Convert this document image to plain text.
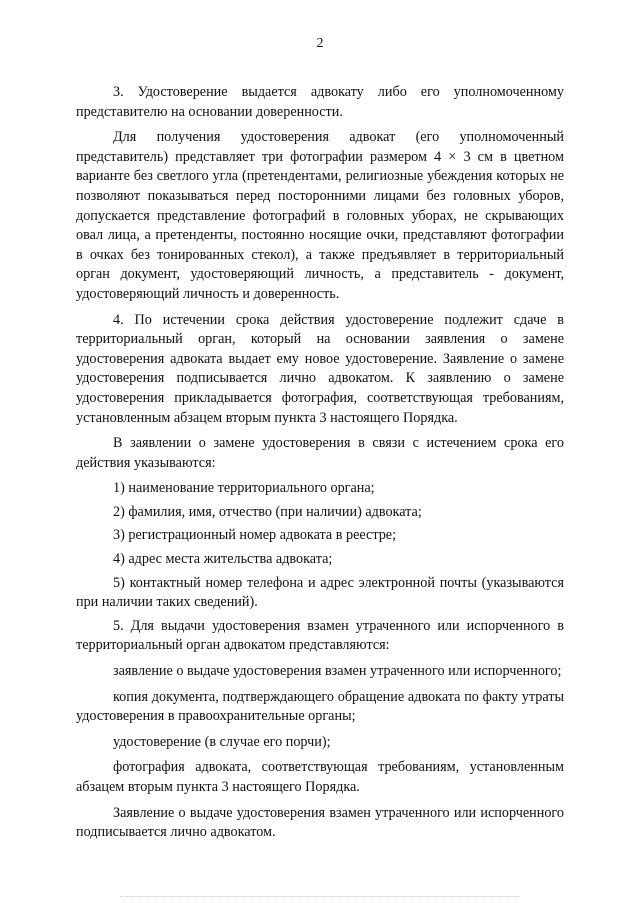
2

3. Удостоверение выдается адвокату либо его уполномоченному представителю на основании доверенности.

Для получения удостоверения адвокат (его уполномоченный представитель) представляет три фотографии размером 4 × 3 см в цветном варианте без светлого угла (претендентами, религиозные убеждения которых не позволяют показываться перед посторонними лицами без головных уборов, допускается представление фотографий в головных уборах, не скрывающих овал лица, а претенденты, постоянно носящие очки, представляют фотографии в очках без тонированных стекол), а также предъявляет в территориальный орган документ, удостоверяющий личность, а представитель - документ, удостоверяющий личность и доверенность.

4. По истечении срока действия удостоверение подлежит сдаче в территориальный орган, который на основании заявления о замене удостоверения адвоката выдает ему новое удостоверение. Заявление о замене удостоверения подписывается лично адвокатом. К заявлению о замене удостоверения прикладывается фотография, соответствующая требованиям, установленным абзацем вторым пункта 3 настоящего Порядка.

В заявлении о замене удостоверения в связи с истечением срока его действия указываются:

1) наименование территориального органа;

2) фамилия, имя, отчество (при наличии) адвоката;

3) регистрационный номер адвоката в реестре;

4) адрес места жительства адвоката;

5) контактный номер телефона и адрес электронной почты (указываются при наличии таких сведений).

5. Для выдачи удостоверения взамен утраченного или испорченного в территориальный орган адвокатом представляются:

заявление о выдаче удостоверения взамен утраченного или испорченного;

копия документа, подтверждающего обращение адвоката по факту утраты удостоверения в правоохранительные органы;

удостоверение (в случае его порчи);

фотография адвоката, соответствующая требованиям, установленным абзацем вторым пункта 3 настоящего Порядка.

Заявление о выдаче удостоверения взамен утраченного или испорченного подписывается лично адвокатом.
